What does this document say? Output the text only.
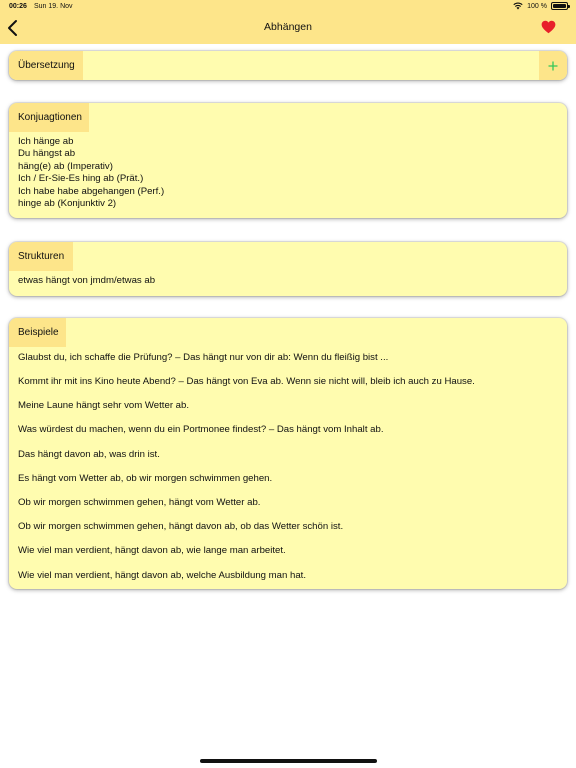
00:26 Sun 19. Nov	100 %
Abhängen
Übersetzung
Konjuagtionen
Ich hänge ab
Du hängst ab
häng(e) ab (Imperativ)
Ich / Er-Sie-Es hing ab (Prät.)
Ich habe habe abgehangen (Perf.)
hinge ab (Konjunktiv 2)
Strukturen
etwas hängt von jmdm/etwas ab
Beispiele
Glaubst du, ich schaffe die Prüfung? – Das hängt nur von dir ab: Wenn du fleißig bist ...
Kommt ihr mit ins Kino heute Abend? – Das hängt von Eva ab. Wenn sie nicht will, bleib ich auch zu Hause.
Meine Laune hängt sehr vom Wetter ab.
Was würdest du machen, wenn du ein Portmonee findest? – Das hängt vom Inhalt ab.
Das hängt davon ab, was drin ist.
Es hängt vom Wetter ab, ob wir morgen schwimmen gehen.
Ob wir morgen schwimmen gehen, hängt vom Wetter ab.
Ob wir morgen schwimmen gehen, hängt davon ab, ob das Wetter schön ist.
Wie viel man verdient, hängt davon ab, wie lange man arbeitet.
Wie viel man verdient, hängt davon ab, welche Ausbildung man hat.
